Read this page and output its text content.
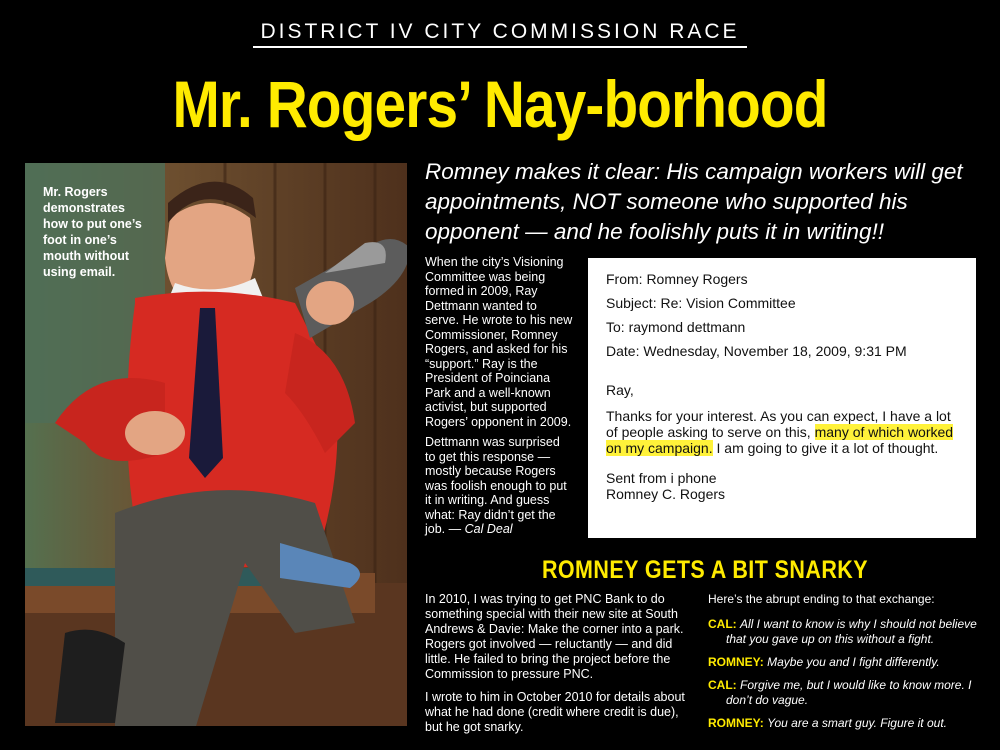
DISTRICT IV CITY COMMISSION RACE
Mr. Rogers’ Nay-borhood
Mr. Rogers demonstrates how to put one’s foot in one’s mouth without using email.
Romney makes it clear: His campaign workers will get appointments, NOT someone who supported his opponent — and he foolishly puts it in writing!!

When the city’s Visioning Committee was being formed in 2009, Ray Dettmann wanted to serve. He wrote to his new Commissioner, Romney Rogers, and asked for his “support.” Ray is the President of Poinciana Park and a well-known activist, but supported Rogers’ opponent in 2009.

Dettmann was surprised to get this response — mostly because Rogers was foolish enough to put it in writing. And guess what: Ray didn’t get the job. — Cal Deal

From: Romney Rogers

Subject: Re: Vision Committee

To: raymond dettmann

Date: Wednesday, November 18, 2009, 9:31 PM

Ray,

Thanks for your interest. As you can expect, I have a lot of people asking to serve on this, many of which worked on my campaign. I am going to give it a lot of thought.

Sent from i phone

Romney C. Rogers

ROMNEY GETS A BIT SNARKY

In 2010, I was trying to get PNC Bank to do something special with their new site at South Andrews & Davie: Make the corner into a park. Rogers got involved — reluctantly — and did little. He failed to bring the project before the Commission to pressure PNC.

I wrote to him in October 2010 for details about what he had done (credit where credit is due), but he got snarky.

Here’s the abrupt ending to that exchange:

CAL: All I want to know is why I should not believe that you gave up on this without a fight.

ROMNEY: Maybe you and I fight differently.

CAL: Forgive me, but I would like to know more. I don’t do vague.

ROMNEY: You are a smart guy. Figure it out.
